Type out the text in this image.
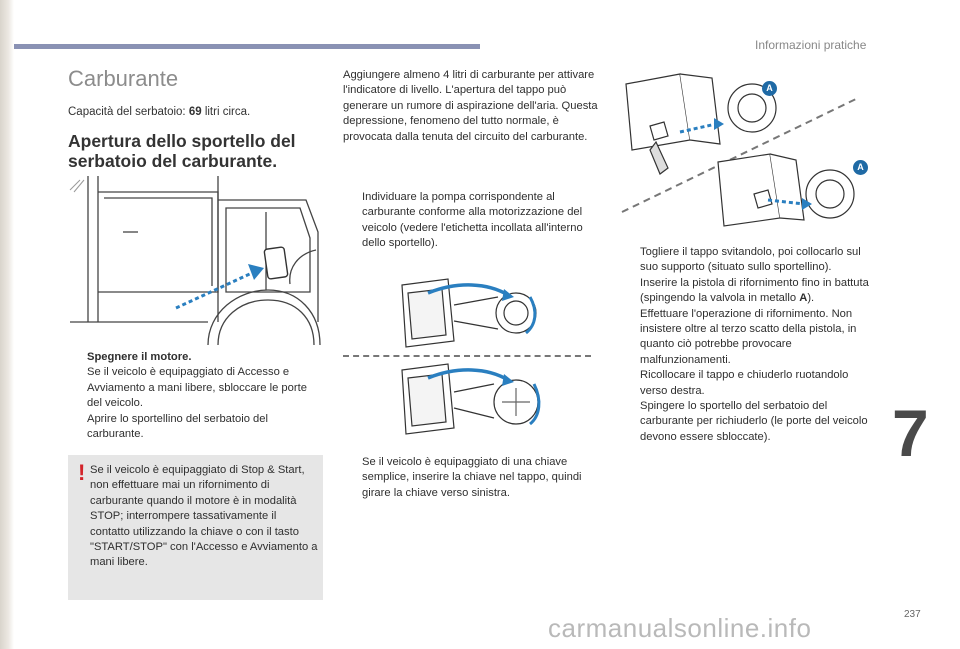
Informazioni pratiche
Carburante
Capacità del serbatoio: 69 litri circa.
Apertura dello sportello del serbatoio del carburante.
Spegnere il motore.
Se il veicolo è equipaggiato di Accesso e Avviamento a mani libere, sbloccare le porte del veicolo.
Aprire lo sportellino del serbatoio del carburante.
! Se il veicolo è equipaggiato di Stop & Start, non effettuare mai un rifornimento di carburante quando il motore è in modalità STOP; interrompere tassativamente il contatto utilizzando la chiave o con il tasto "START/STOP" con l'Accesso e Avviamento a mani libere.
Aggiungere almeno 4 litri di carburante per attivare l'indicatore di livello. L'apertura del tappo può generare un rumore di aspirazione dell'aria. Questa depressione, fenomeno del tutto normale, è provocata dalla tenuta del circuito del carburante.
Individuare la pompa corrispondente al carburante conforme alla motorizzazione del veicolo (vedere l'etichetta incollata all'interno dello sportello).
Se il veicolo è equipaggiato di una chiave semplice, inserire la chiave nel tappo, quindi girare la chiave verso sinistra.
A
A
Togliere il tappo svitandolo, poi collocarlo sul suo supporto (situato sullo sportellino).
Inserire la pistola di rifornimento fino in battuta (spingendo la valvola in metallo A).
Effettuare l'operazione di rifornimento. Non insistere oltre al terzo scatto della pistola, in quanto ciò potrebbe provocare malfunzionamenti.
Ricollocare il tappo e chiuderlo ruotandolo verso destra.
Spingere lo sportello del serbatoio del carburante per richiuderlo (le porte del veicolo devono essere sbloccate).	7
237
carmanualsonline.info
